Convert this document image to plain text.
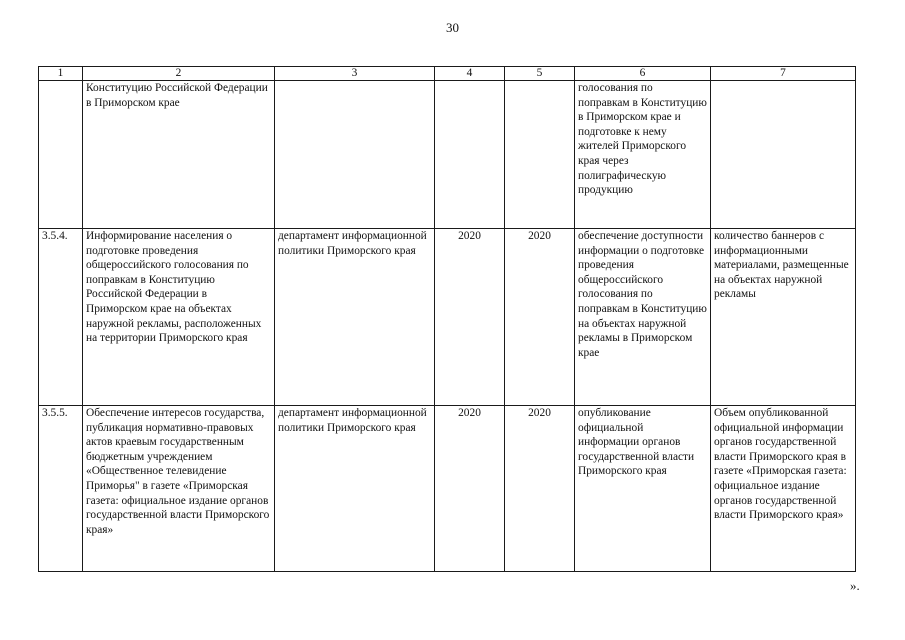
30
1	2	3	4	5	6	7
	Конституцию Российской Федерации в Приморском крае				голосования по поправкам в Конституцию в Приморском крае и подготовке к нему жителей Приморского края через полиграфическую продукцию	
3.5.4.	Информирование населения о подготовке проведения общероссийского голосования по поправкам в Конституцию Российской Федерации в Приморском крае на объектах наружной рекламы, расположенных на территории Приморского края	департамент информационной политики Приморского края	2020	2020	обеспечение доступности информации о подготовке проведения общероссийского голосования по поправкам в Конституцию на объектах наружной рекламы в Приморском крае	количество баннеров с информационными материалами, размещенные на объектах наружной рекламы
3.5.5.	Обеспечение интересов государства, публикация нормативно-правовых актов краевым государственным бюджетным учреждением «Общественное телевидение Приморья" в газете «Приморская газета: официальное издание органов государственной власти Приморского края»	департамент информационной политики Приморского края	2020	2020	опубликование официальной информации органов государственной власти Приморского края	Объем опубликованной официальной информации органов государственной власти Приморского края в газете «Приморская газета: официальное издание органов государственной власти Приморского края»
».
